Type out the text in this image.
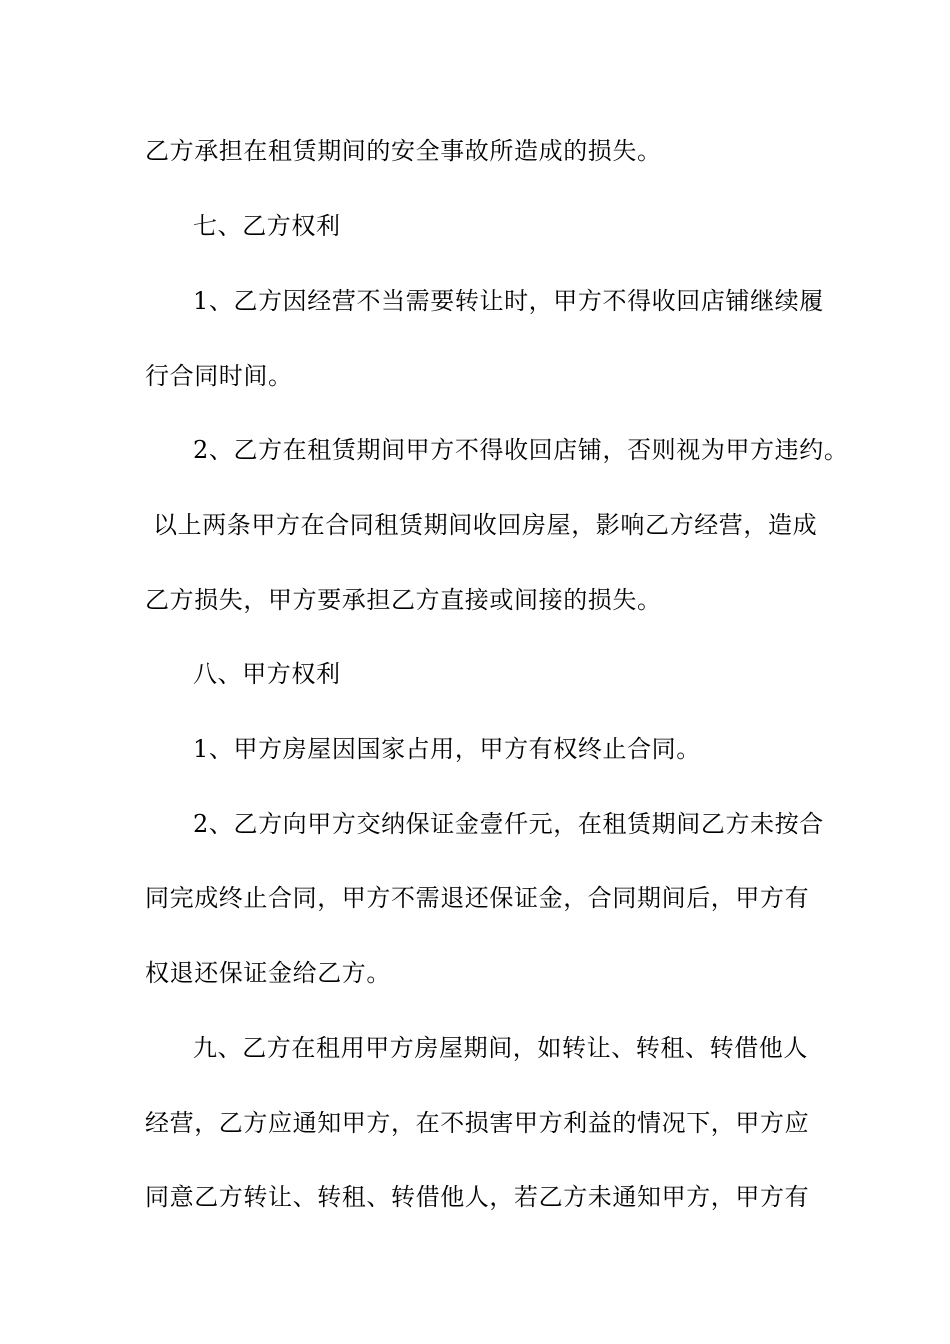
乙方承担在租赁期间的安全事故所造成的损失。
七、乙方权利
1、乙方因经营不当需要转让时，甲方不得收回店铺继续履
行合同时间。
2、乙方在租赁期间甲方不得收回店铺，否则视为甲方违约。
以上两条甲方在合同租赁期间收回房屋，影响乙方经营，造成
乙方损失，甲方要承担乙方直接或间接的损失。
八、甲方权利
1、甲方房屋因国家占用，甲方有权终止合同。
2、乙方向甲方交纳保证金壹仟元，在租赁期间乙方未按合
同完成终止合同，甲方不需退还保证金，合同期间后，甲方有
权退还保证金给乙方。
九、乙方在租用甲方房屋期间，如转让、转租、转借他人
经营，乙方应通知甲方，在不损害甲方利益的情况下，甲方应
同意乙方转让、转租、转借他人，若乙方未通知甲方，甲方有
